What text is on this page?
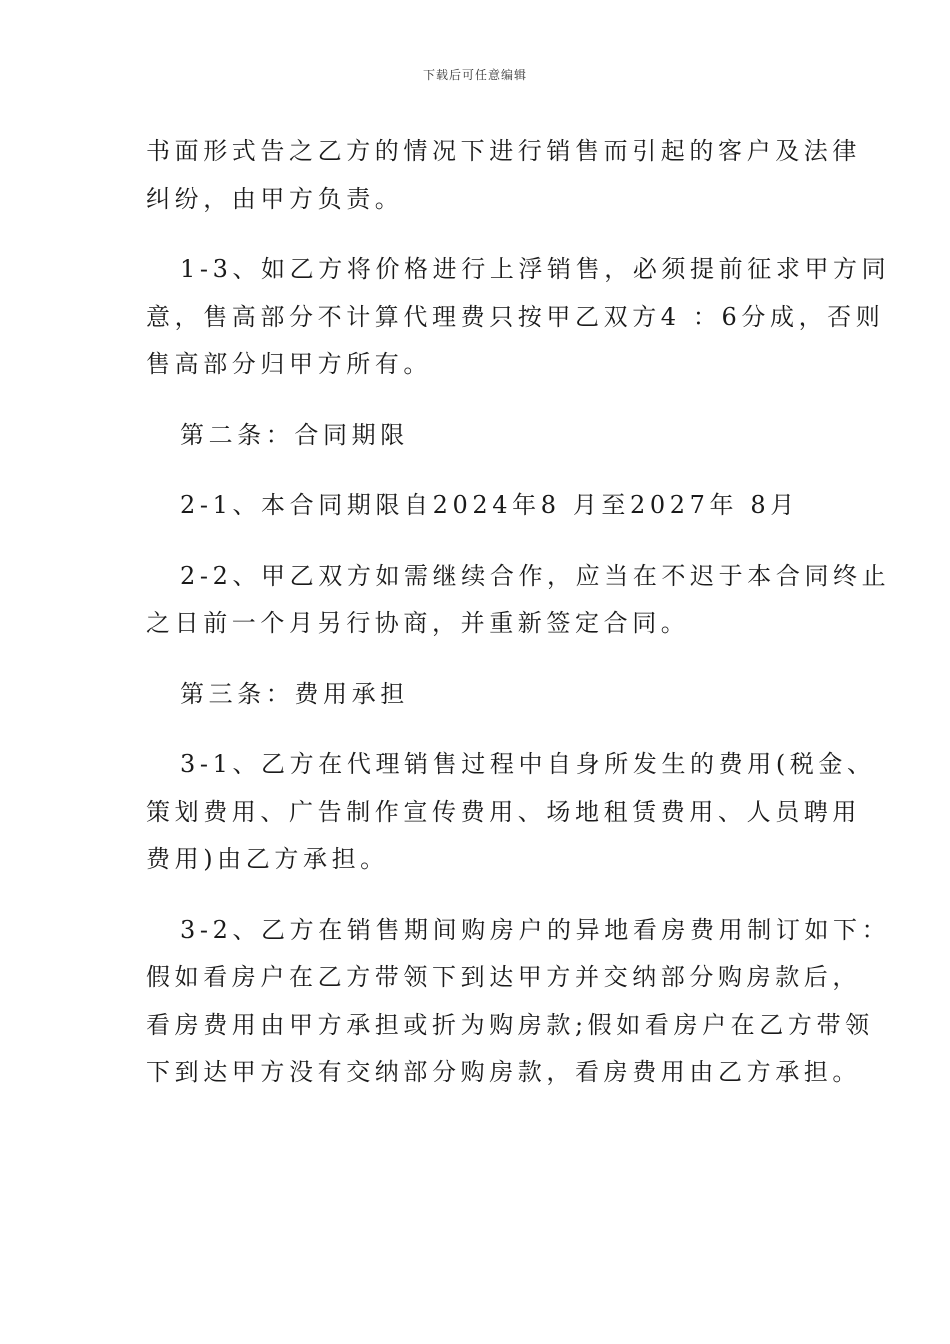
下载后可任意编辑

书面形式告之乙方的情况下进行销售而引起的客户及法律
纠纷，由甲方负责。

1-3、如乙方将价格进行上浮销售，必须提前征求甲方同
意，售高部分不计算代理费只按甲乙双方4 ：6分成，否则
售高部分归甲方所有。

第二条：合同期限

2-1、本合同期限自2024年8 月至2027年 8月

2-2、甲乙双方如需继续合作，应当在不迟于本合同终止
之日前一个月另行协商，并重新签定合同。

第三条：费用承担

3-1、乙方在代理销售过程中自身所发生的费用(税金、
策划费用、广告制作宣传费用、场地租赁费用、人员聘用
费用)由乙方承担。

3-2、乙方在销售期间购房户的异地看房费用制订如下：
假如看房户在乙方带领下到达甲方并交纳部分购房款后，
看房费用由甲方承担或折为购房款;假如看房户在乙方带领
下到达甲方没有交纳部分购房款，看房费用由乙方承担。
